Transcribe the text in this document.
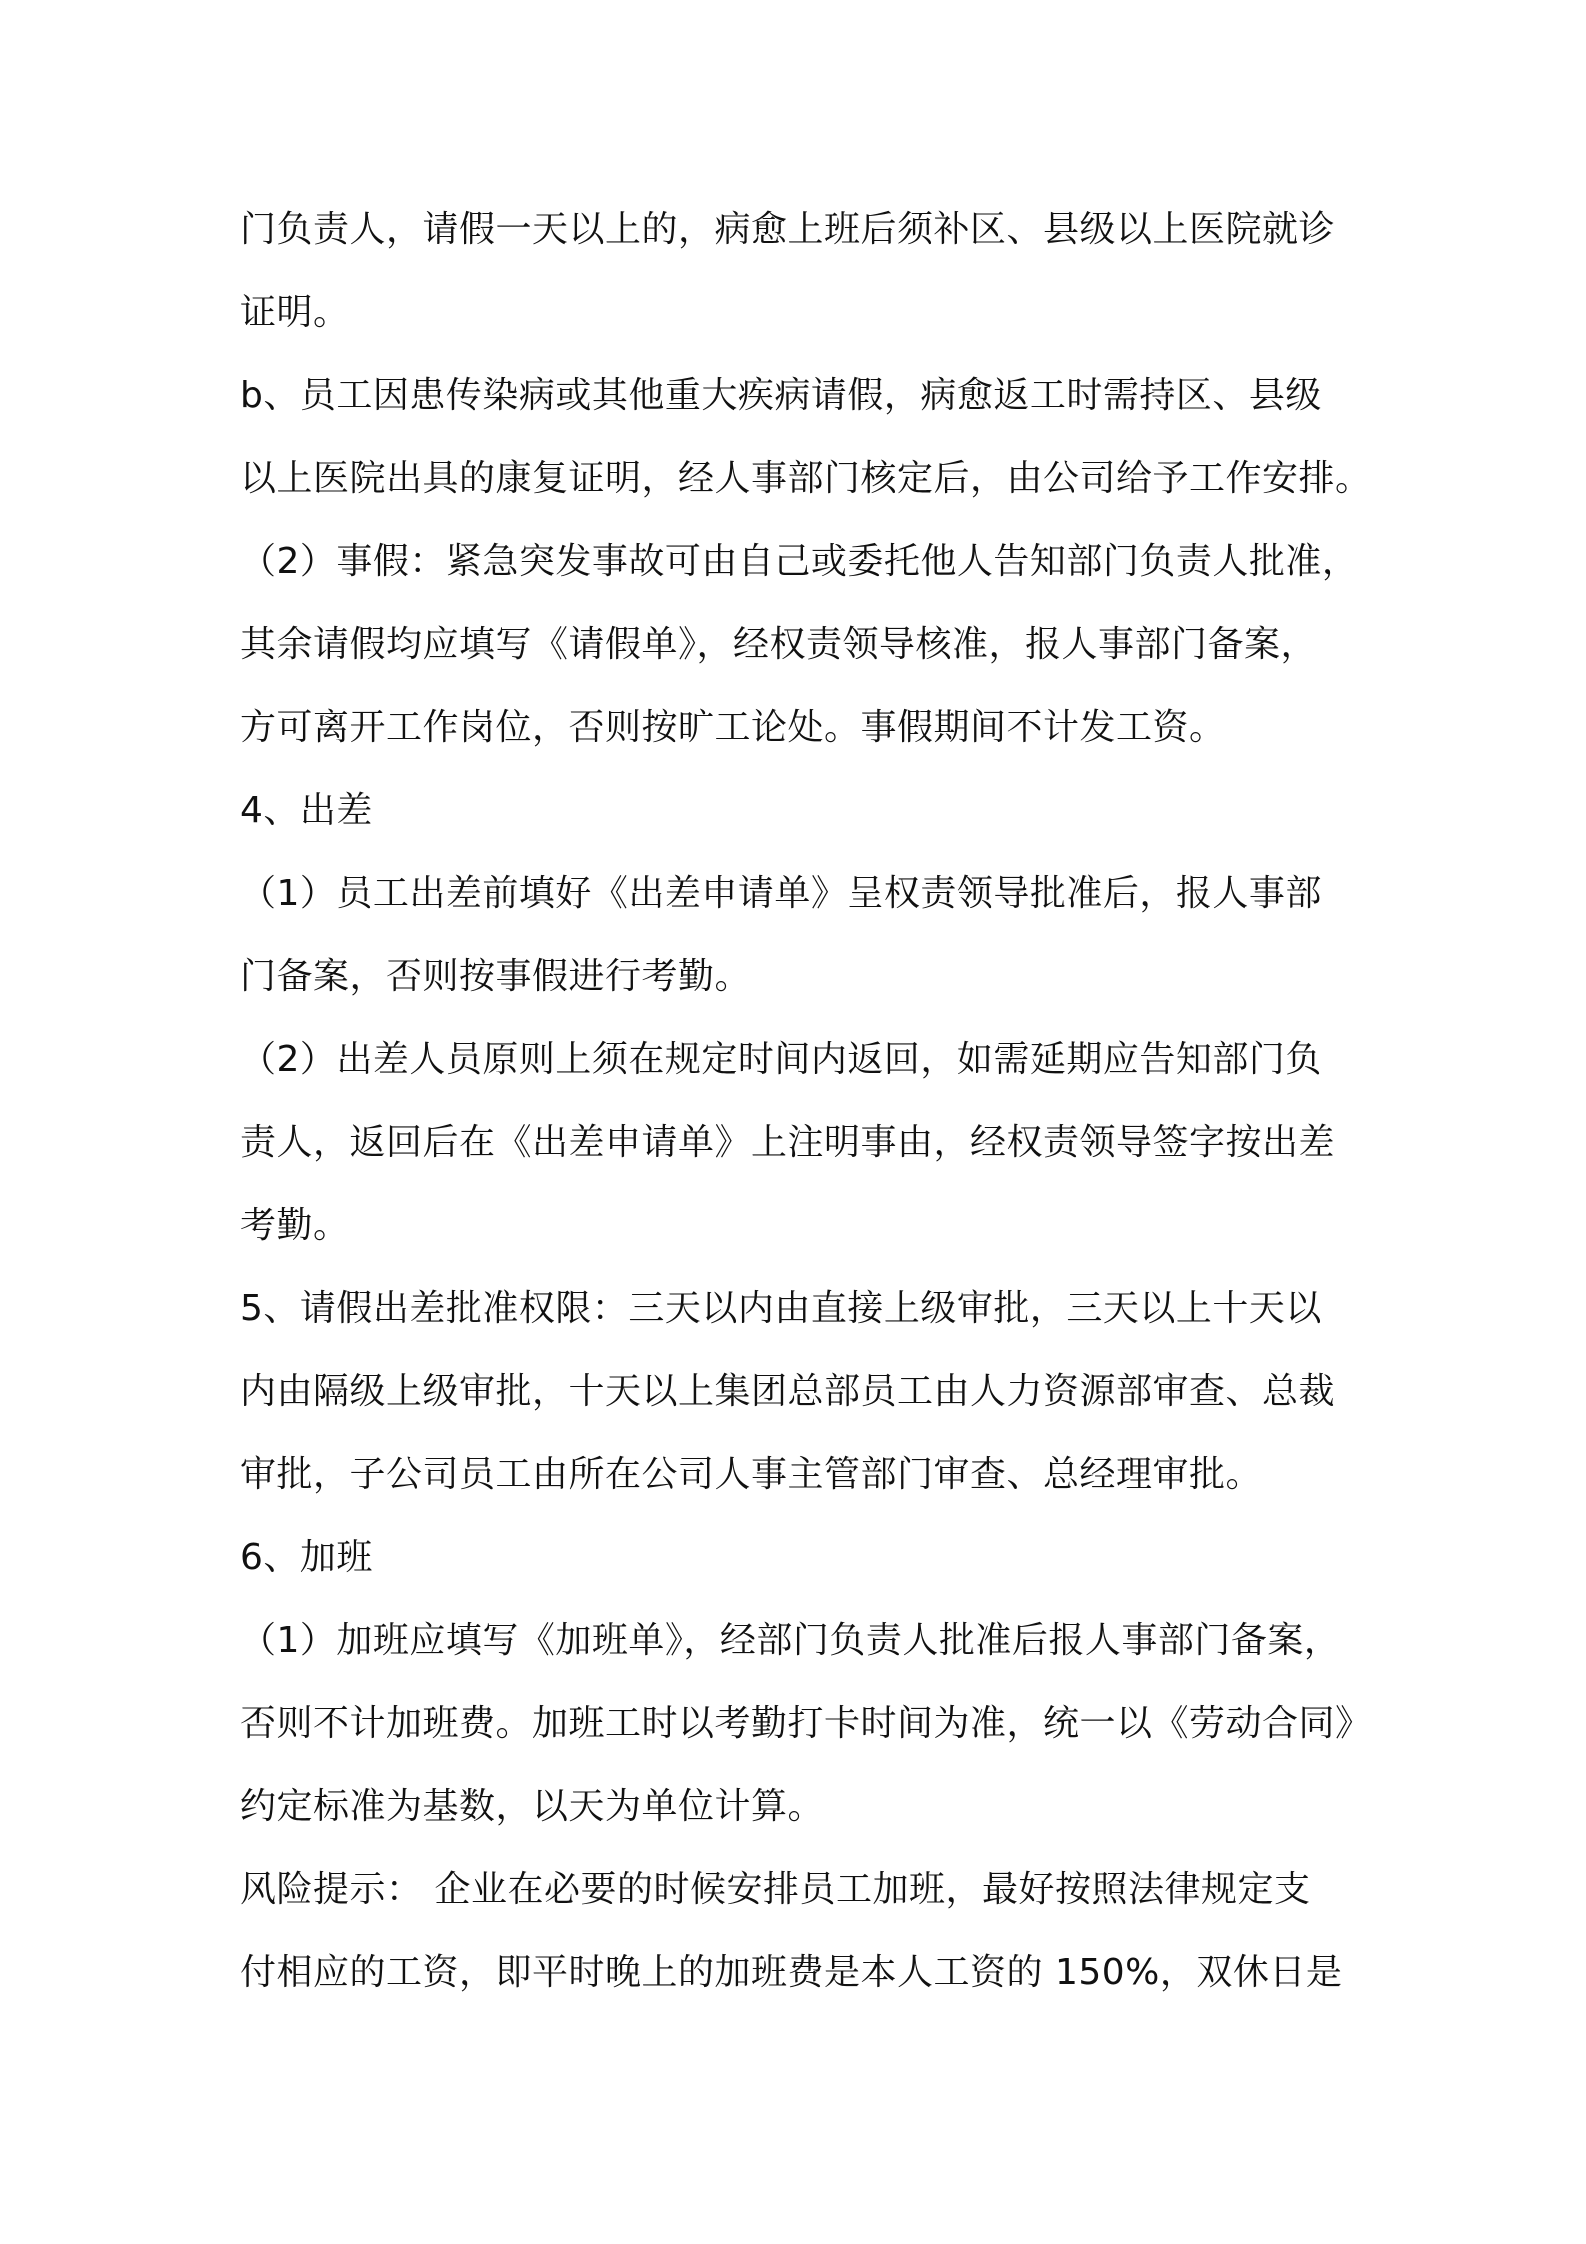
门负责人，请假一天以上的，病愈上班后须补区、县级以上医院就诊
证明。
b、员工因患传染病或其他重大疾病请假，病愈返工时需持区、县级
以上医院出具的康复证明，经人事部门核定后，由公司给予工作安排。
（2）事假：紧急突发事故可由自己或委托他人告知部门负责人批准，
其余请假均应填写《请假单》，经权责领导核准，报人事部门备案，
方可离开工作岗位，否则按旷工论处。事假期间不计发工资。
4、出差
（1）员工出差前填好《出差申请单》呈权责领导批准后，报人事部
门备案，否则按事假进行考勤。
（2）出差人员原则上须在规定时间内返回，如需延期应告知部门负
责人，返回后在《出差申请单》上注明事由，经权责领导签字按出差
考勤。
5、请假出差批准权限：三天以内由直接上级审批，三天以上十天以
内由隔级上级审批，十天以上集团总部员工由人力资源部审查、总裁
审批，子公司员工由所在公司人事主管部门审查、总经理审批。
6、加班
（1）加班应填写《加班单》，经部门负责人批准后报人事部门备案，
否则不计加班费。加班工时以考勤打卡时间为准，统一以《劳动合同》
约定标准为基数，以天为单位计算。
风险提示： 企业在必要的时候安排员工加班，最好按照法律规定支
付相应的工资，即平时晚上的加班费是本人工资的 150%，双休日是
